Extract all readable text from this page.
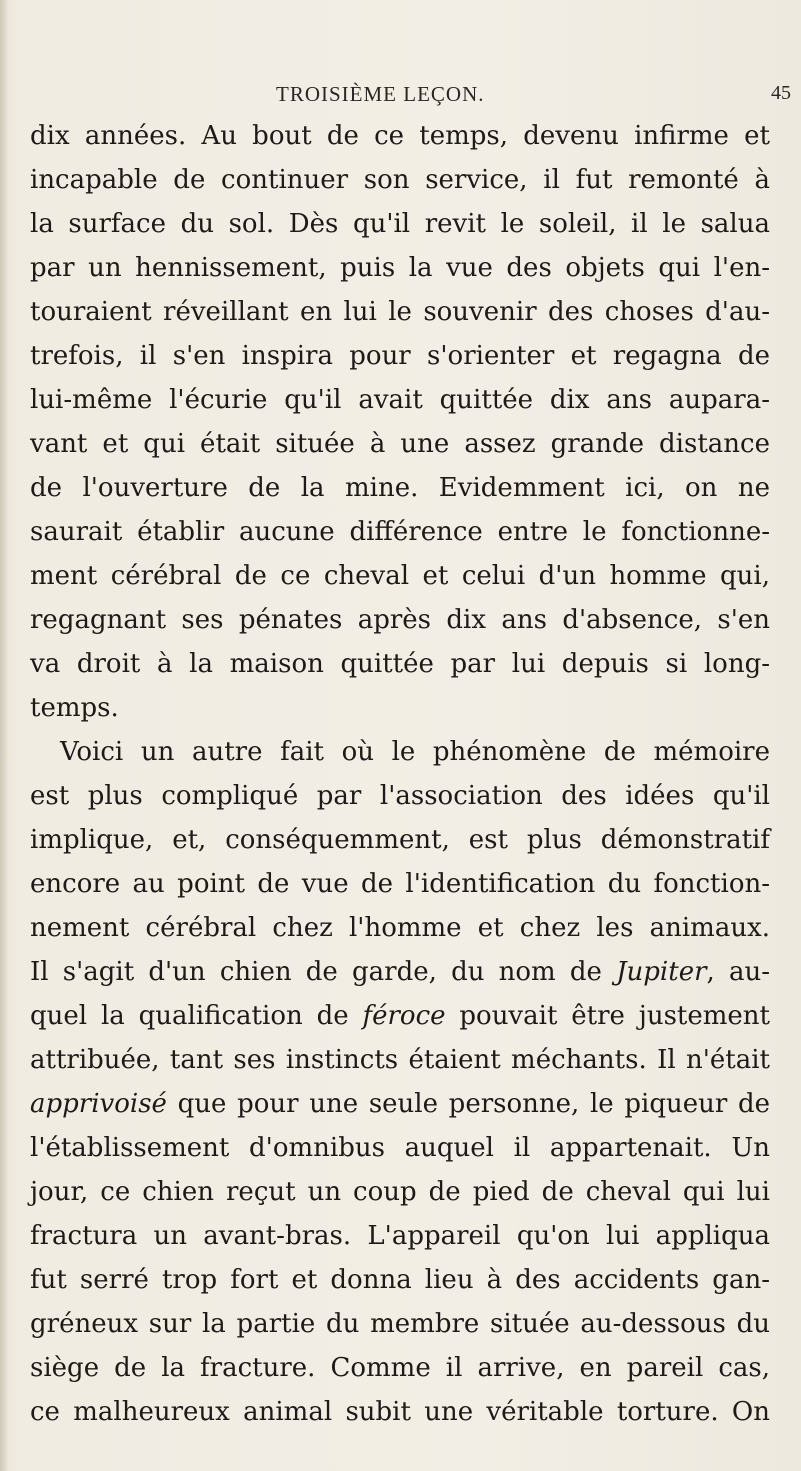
TROISIÈME LEÇON.	45
dix années. Au bout de ce temps, devenu infirme et
incapable de continuer son service, il fut remonté à
la surface du sol. Dès qu'il revit le soleil, il le salua
par un hennissement, puis la vue des objets qui l'en-
touraient réveillant en lui le souvenir des choses d'au-
trefois, il s'en inspira pour s'orienter et regagna de
lui-même l'écurie qu'il avait quittée dix ans aupara-
vant et qui était située à une assez grande distance
de l'ouverture de la mine. Evidemment ici, on ne
saurait établir aucune différence entre le fonctionne-
ment cérébral de ce cheval et celui d'un homme qui,
regagnant ses pénates après dix ans d'absence, s'en
va droit à la maison quittée par lui depuis si long-
temps.
Voici un autre fait où le phénomène de mémoire
est plus compliqué par l'association des idées qu'il
implique, et, conséquemment, est plus démonstratif
encore au point de vue de l'identification du fonction-
nement cérébral chez l'homme et chez les animaux.
Il s'agit d'un chien de garde, du nom de Jupiter, au-
quel la qualification de féroce pouvait être justement
attribuée, tant ses instincts étaient méchants. Il n'était
apprivoisé que pour une seule personne, le piqueur de
l'établissement d'omnibus auquel il appartenait. Un
jour, ce chien reçut un coup de pied de cheval qui lui
fractura un avant-bras. L'appareil qu'on lui appliqua
fut serré trop fort et donna lieu à des accidents gan-
gréneux sur la partie du membre située au-dessous du
siège de la fracture. Comme il arrive, en pareil cas,
ce malheureux animal subit une véritable torture. On
